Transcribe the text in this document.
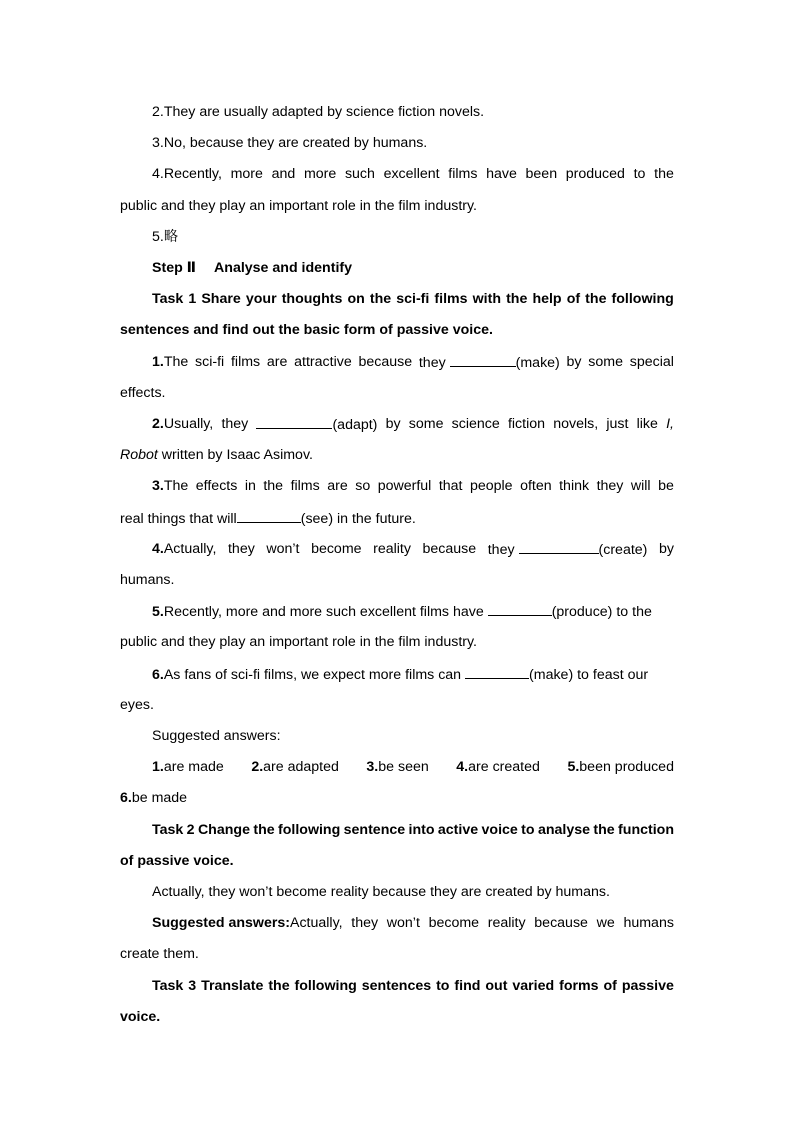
2.They are usually adapted by science fiction novels.
3.No, because they are created by humans.
4.Recently, more and more such excellent films have been produced to the
public and they play an important role in the film industry.
5.略
Step Ⅱ Analyse and identify
Task 1 Share your thoughts on the sci-fi films with the help of the following
sentences and find out the basic form of passive voice.
1.The sci-fi films are attractive because they	(make) by some special
effects.
2.Usually, they	(adapt) by some science fiction novels, just like I,
Robot written by Isaac Asimov.
3.The effects in the films are so powerful that people often think they will be
real things that will	(see) in the future.
4.Actually, they won’t become reality because they	(create) by
humans.
5.Recently, more and more such excellent films have	(produce) to the
public and they play an important role in the film industry.
6.As fans of sci-fi films, we expect more films can	(make) to feast our
eyes.
Suggested answers:
1.are made 2.are adapted 3.be seen 4.are created 5.been produced
6.be made
Task 2 Change the following sentence into active voice to analyse the function
of passive voice.
Actually, they won’t become reality because they are created by humans.
Suggested answers:Actually, they won’t become reality because we humans
create them.
Task 3 Translate the following sentences to find out varied forms of passive
voice.
